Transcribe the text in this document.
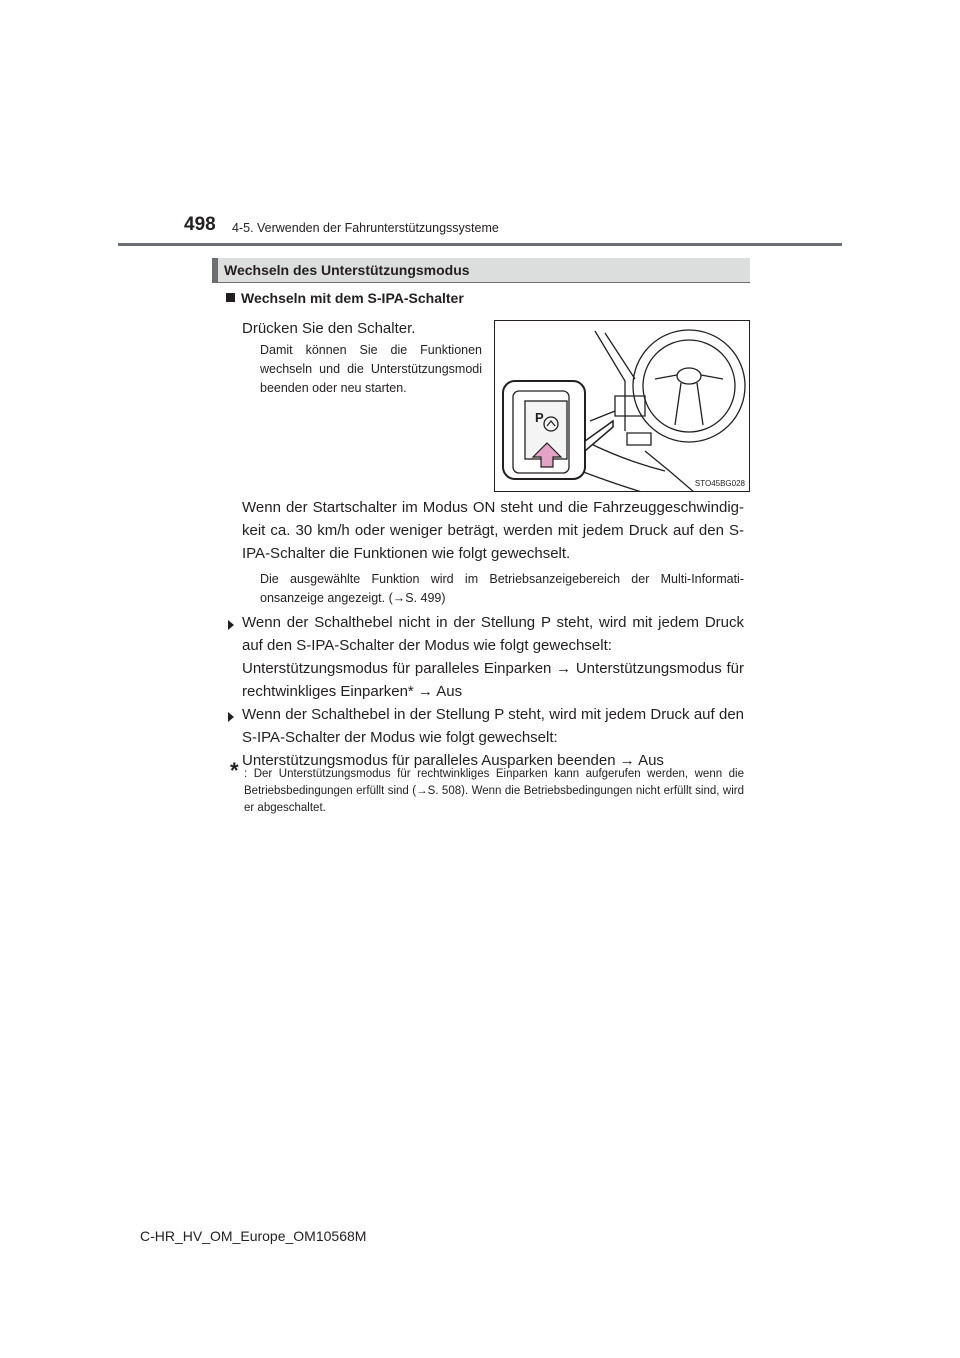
498 4-5. Verwenden der Fahrunterstützungssysteme
Wechseln des Unterstützungsmodus
Wechseln mit dem S-IPA-Schalter
Drücken Sie den Schalter.
Damit können Sie die Funktionen wechseln und die Unterstützungsmodi beenden oder neu starten.
P
STO45BG028
Wenn der Startschalter im Modus ON steht und die Fahrzeuggeschwindigkeit ca. 30 km/h oder weniger beträgt, werden mit jedem Druck auf den S-IPA-Schalter die Funktionen wie folgt gewechselt.
Die ausgewählte Funktion wird im Betriebsanzeigebereich der Multi-Informationsanzeige angezeigt. (→S. 499)
Wenn der Schalthebel nicht in der Stellung P steht, wird mit jedem Druck auf den S-IPA-Schalter der Modus wie folgt gewechselt:
Unterstützungsmodus für paralleles Einparken → Unterstützungsmodus für rechtwinkliges Einparken* → Aus
Wenn der Schalthebel in der Stellung P steht, wird mit jedem Druck auf den S-IPA-Schalter der Modus wie folgt gewechselt:
Unterstützungsmodus für paralleles Ausparken beenden → Aus
* : Der Unterstützungsmodus für rechtwinkliges Einparken kann aufgerufen werden, wenn die Betriebsbedingungen erfüllt sind (→S. 508). Wenn die Betriebsbedingungen nicht erfüllt sind, wird er abgeschaltet.
C-HR_HV_OM_Europe_OM10568M
